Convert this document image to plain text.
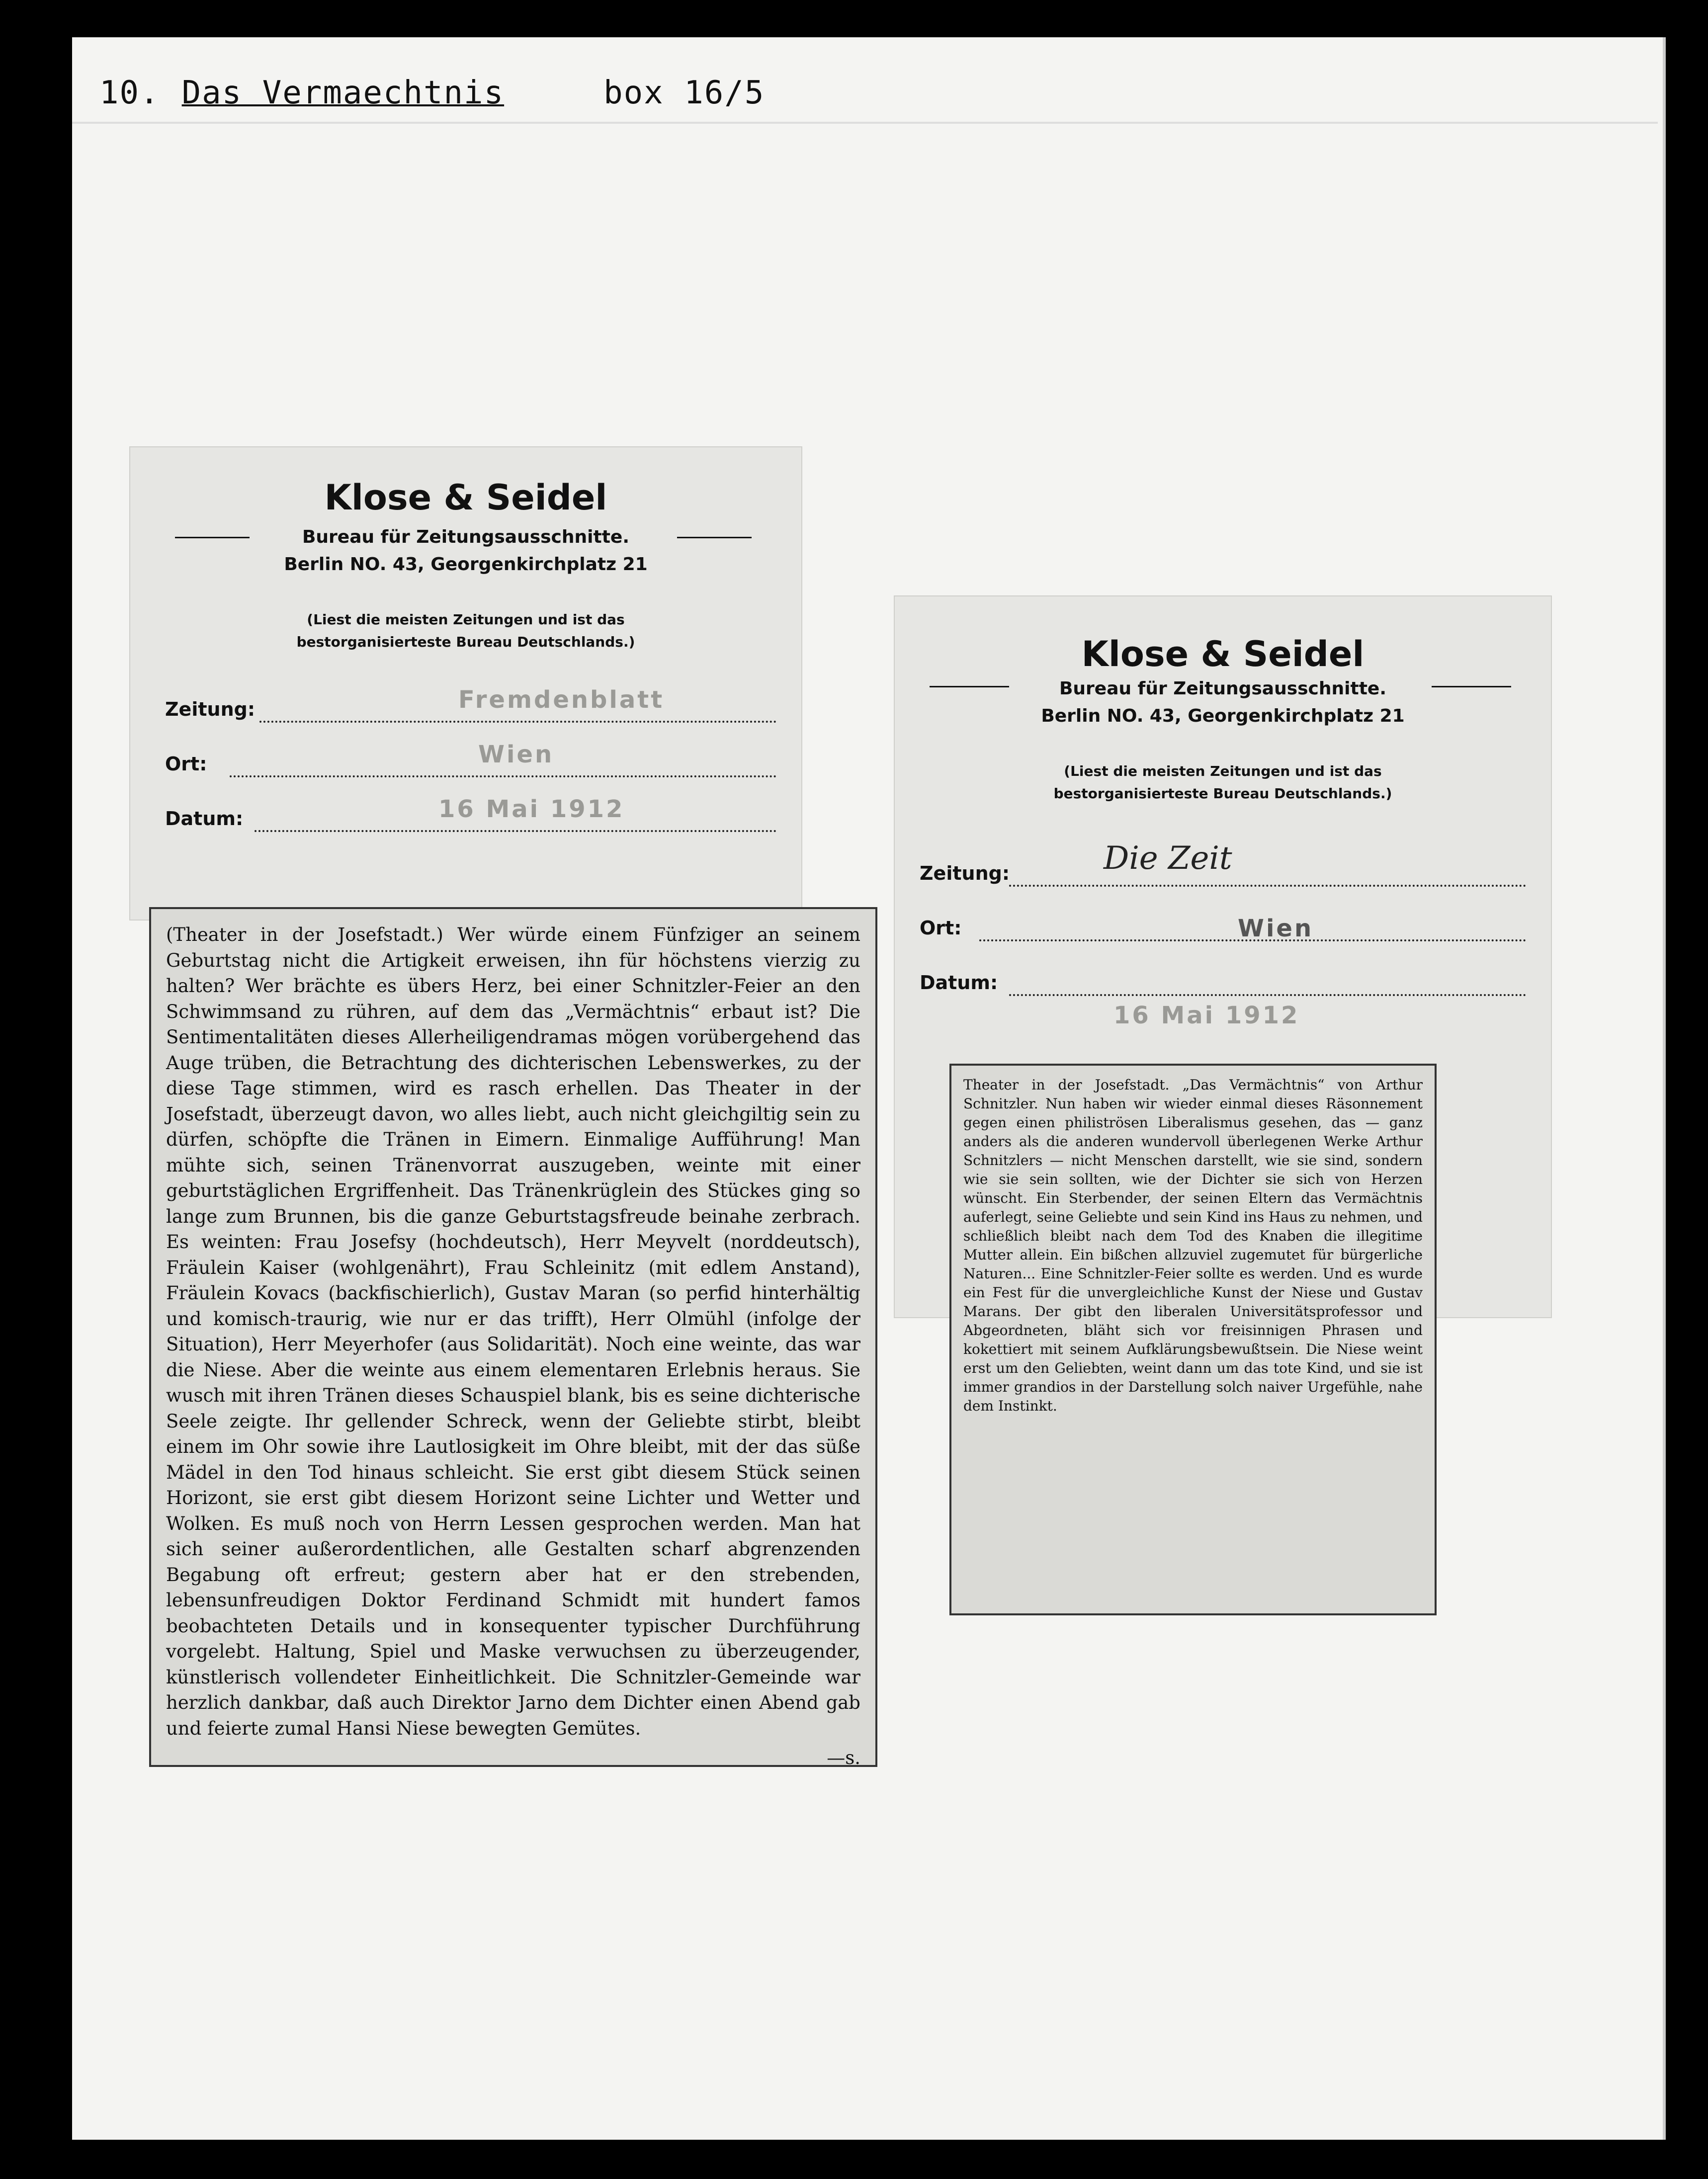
10. Das Vermaechtnis	box 16/5
Klose & Seidel
Bureau für Zeitungsausschnitte.
Berlin NO. 43, Georgenkirchplatz 21
(Liest die meisten Zeitungen und ist das
bestorganisierteste Bureau Deutschlands.)
Zeitung:	Fremdenblatt
Ort:	Wien
Datum:	16 Mai 1912

(Theater in der Josefstadt.) Wer würde einem Fünfziger an seinem Geburtstag nicht die Artigkeit erweisen, ihn für höchstens vierzig zu halten? Wer brächte es übers Herz, bei einer Schnitzler-Feier an den Schwimmsand zu rühren, auf dem das „Vermächtnis“ erbaut ist? Die Sentimentalitäten dieses Allerheiligendramas mögen vorübergehend das Auge trüben, die Betrachtung des dichterischen Lebenswerkes, zu der diese Tage stimmen, wird es rasch erhellen. Das Theater in der Josefstadt, überzeugt davon, wo alles liebt, auch nicht gleichgiltig sein zu dürfen, schöpfte die Tränen in Eimern. Einmalige Aufführung! Man mühte sich, seinen Tränenvorrat auszugeben, weinte mit einer geburtstäglichen Ergriffenheit. Das Tränenkrüglein des Stückes ging so lange zum Brunnen, bis die ganze Geburtstagsfreude beinahe zerbrach. Es weinten: Frau Josefsy (hochdeutsch), Herr Meyvelt (norddeutsch), Fräulein Kaiser (wohlgenährt), Frau Schleinitz (mit edlem Anstand), Fräulein Kovacs (backfischierlich), Gustav Maran (so perfid hinterhältig und komisch-traurig, wie nur er das trifft), Herr Olmühl (infolge der Situation), Herr Meyerhofer (aus Solidarität). Noch eine weinte, das war die Niese. Aber die weinte aus einem elementaren Erlebnis heraus. Sie wusch mit ihren Tränen dieses Schauspiel blank, bis es seine dichterische Seele zeigte. Ihr gellender Schreck, wenn der Geliebte stirbt, bleibt einem im Ohr sowie ihre Lautlosigkeit im Ohre bleibt, mit der das süße Mädel in den Tod hinaus schleicht. Sie erst gibt diesem Stück seinen Horizont, sie erst gibt diesem Horizont seine Lichter und Wetter und Wolken. Es muß noch von Herrn Lessen gesprochen werden. Man hat sich seiner außerordentlichen, alle Gestalten scharf abgrenzenden Begabung oft erfreut; gestern aber hat er den strebenden, lebensunfreudigen Doktor Ferdinand Schmidt mit hundert famos beobachteten Details und in konsequenter typischer Durchführung vorgelebt. Haltung, Spiel und Maske verwuchsen zu überzeugender, künstlerisch vollendeter Einheitlichkeit. Die Schnitzler-Gemeinde war herzlich dankbar, daß auch Direktor Jarno dem Dichter einen Abend gab und feierte zumal Hansi Niese bewegten Gemütes.

—s.

Klose & Seidel
Bureau für Zeitungsausschnitte.
Berlin NO. 43, Georgenkirchplatz 21
(Liest die meisten Zeitungen und ist das
bestorganisierteste Bureau Deutschlands.)
Zeitung:	Die Zeit
Ort:	Wien
Datum:
16 Mai 1912

Theater in der Josefstadt. „Das Vermächtnis“ von Arthur Schnitzler. Nun haben wir wieder einmal dieses Räsonnement gegen einen philiströsen Liberalismus gesehen, das — ganz anders als die anderen wundervoll überlegenen Werke Arthur Schnitzlers — nicht Menschen darstellt, wie sie sind, sondern wie sie sein sollten, wie der Dichter sie sich von Herzen wünscht. Ein Sterbender, der seinen Eltern das Vermächtnis auferlegt, seine Geliebte und sein Kind ins Haus zu nehmen, und schließlich bleibt nach dem Tod des Knaben die illegitime Mutter allein. Ein bißchen allzuviel zugemutet für bürgerliche Naturen... Eine Schnitzler-Feier sollte es werden. Und es wurde ein Fest für die unvergleichliche Kunst der Niese und Gustav Marans. Der gibt den liberalen Universitätsprofessor und Abgeordneten, bläht sich vor freisinnigen Phrasen und kokettiert mit seinem Aufklärungsbewußtsein. Die Niese weint erst um den Geliebten, weint dann um das tote Kind, und sie ist immer grandios in der Darstellung solch naiver Urgefühle, nahe dem Instinkt.
